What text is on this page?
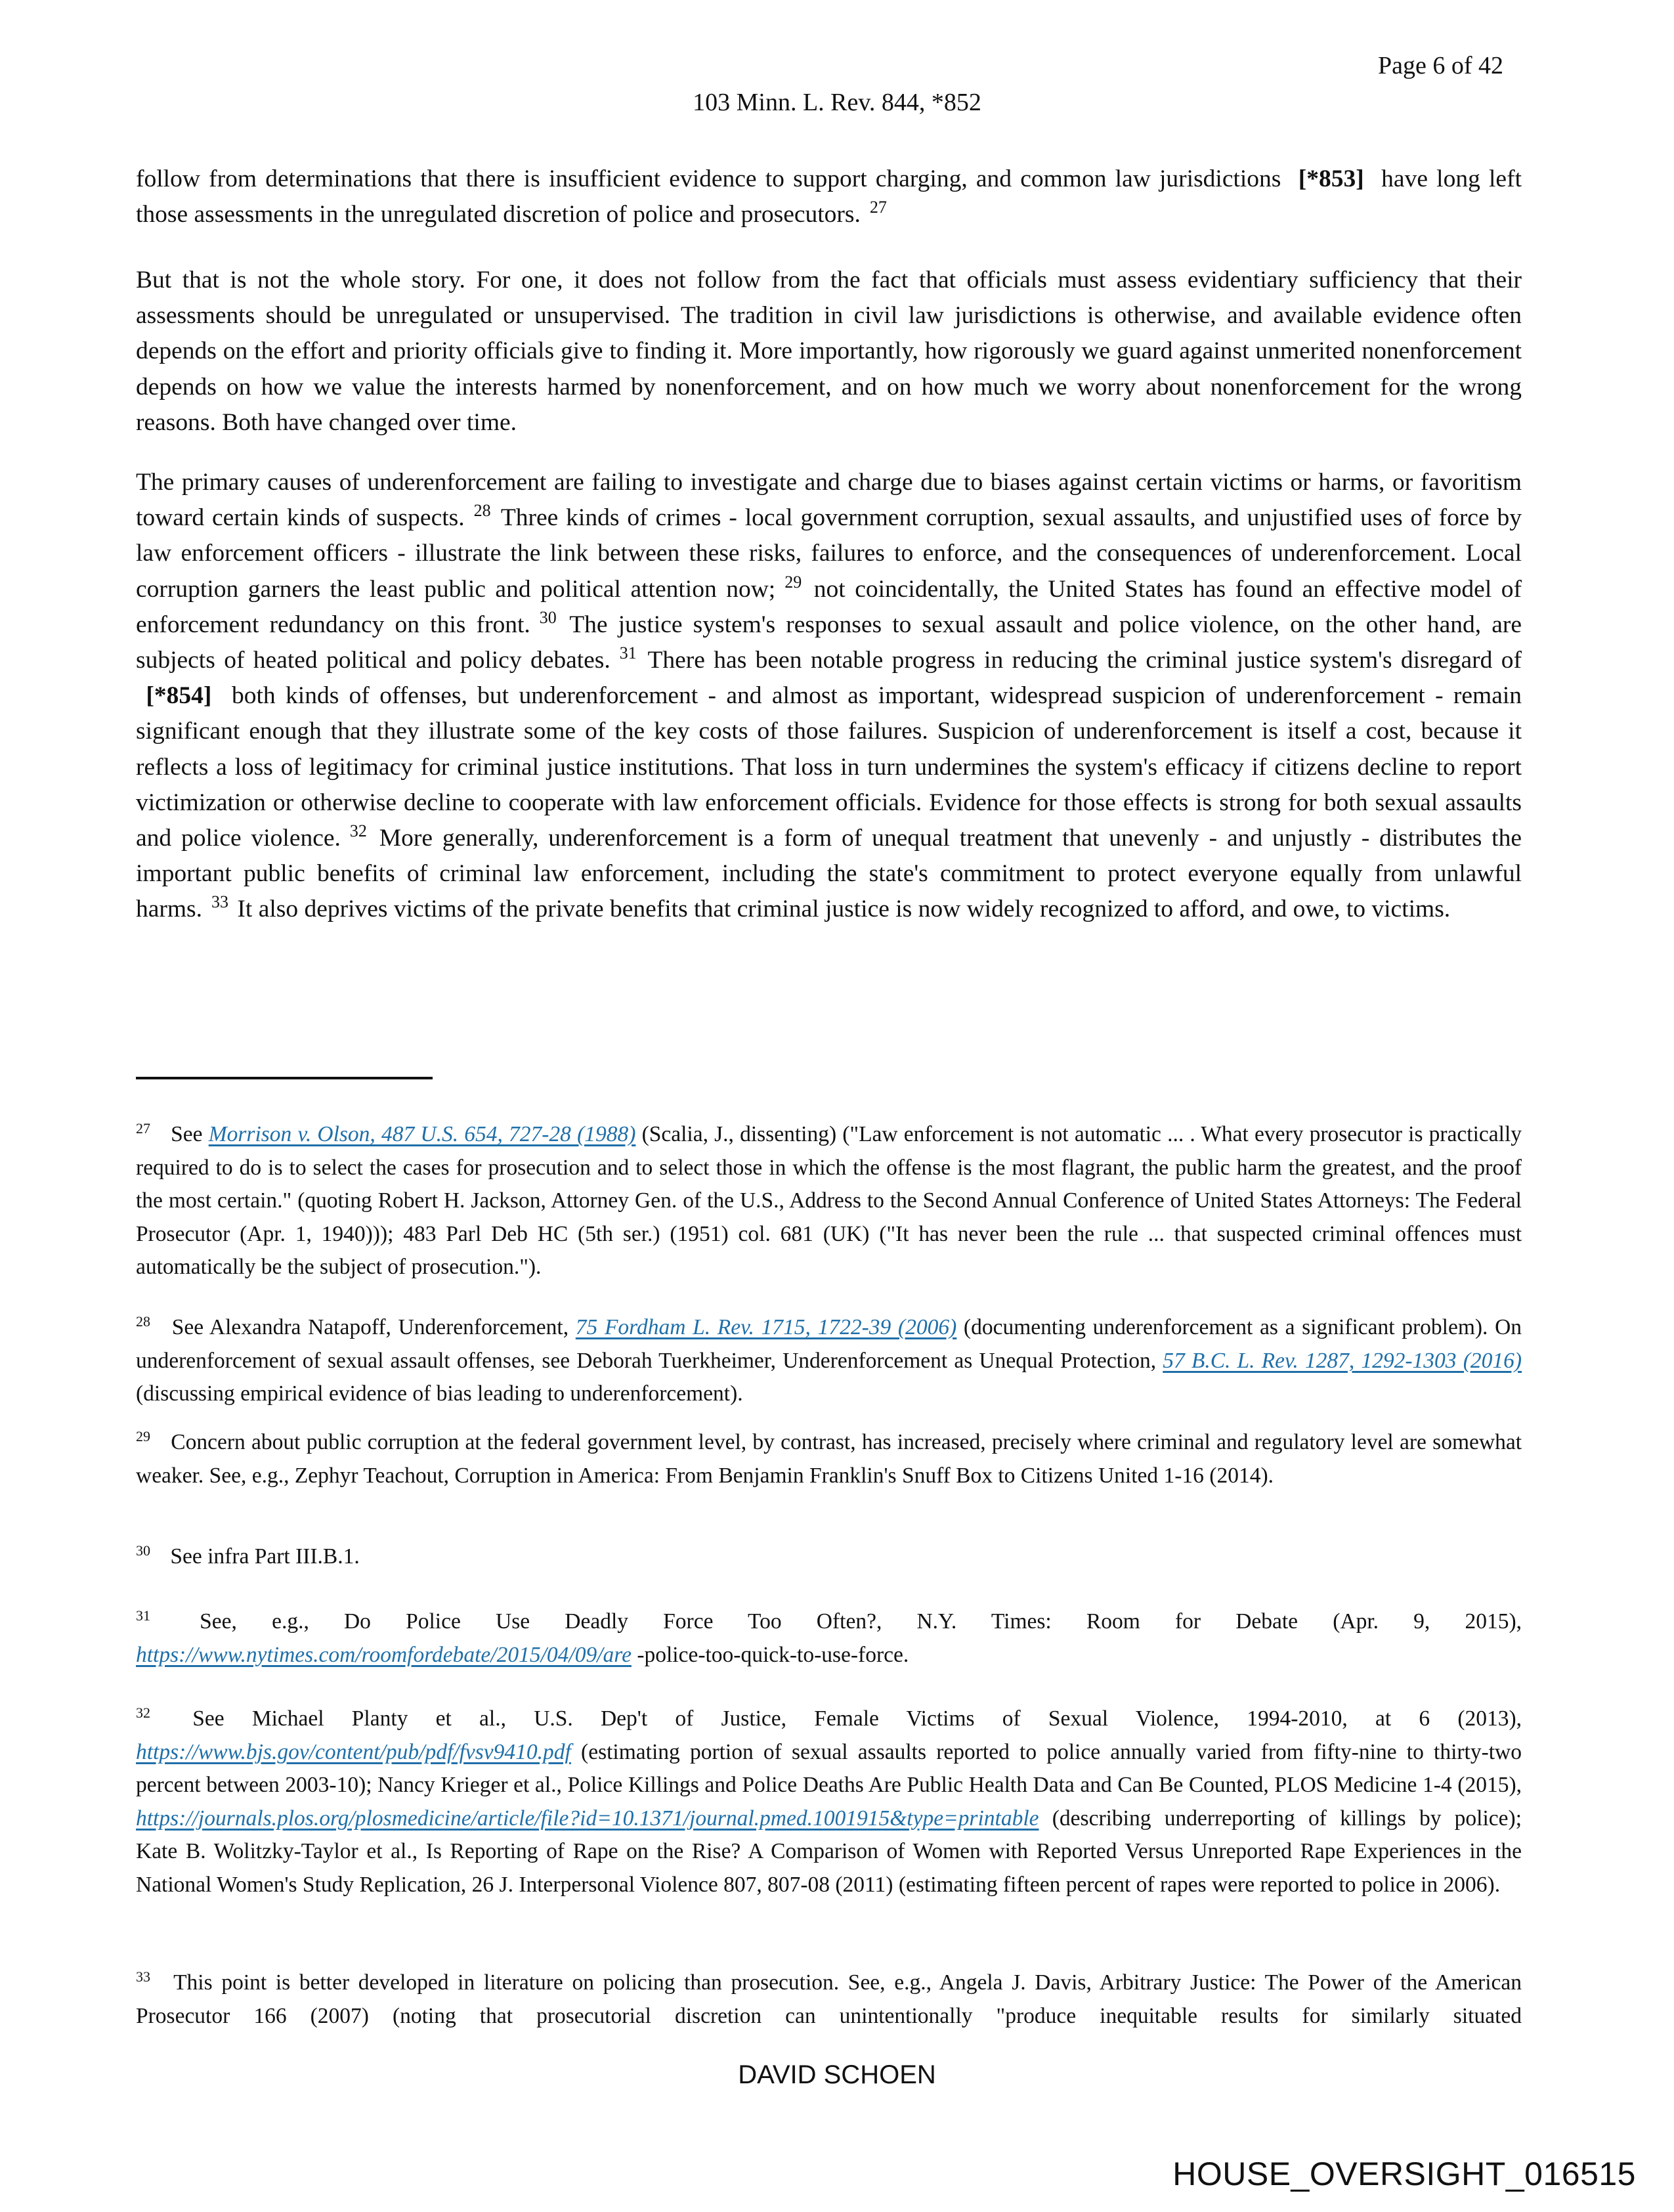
Page 6 of 42
103 Minn. L. Rev. 844, *852

follow from determinations that there is insufficient evidence to support charging, and common law jurisdictions [*853] have long left those assessments in the unregulated discretion of police and prosecutors. $^{27}$

But that is not the whole story. For one, it does not follow from the fact that officials must assess evidentiary sufficiency that their assessments should be unregulated or unsupervised. The tradition in civil law jurisdictions is otherwise, and available evidence often depends on the effort and priority officials give to finding it. More importantly, how rigorously we guard against unmerited nonenforcement depends on how we value the interests harmed by nonenforcement, and on how much we worry about nonenforcement for the wrong reasons. Both have changed over time.

The primary causes of underenforcement are failing to investigate and charge due to biases against certain victims or harms, or favoritism toward certain kinds of suspects. $^{28}$ Three kinds of crimes - local government corruption, sexual assaults, and unjustified uses of force by law enforcement officers - illustrate the link between these risks, failures to enforce, and the consequences of underenforcement. Local corruption garners the least public and political attention now; $^{29}$ not coincidentally, the United States has found an effective model of enforcement redundancy on this front. $^{30}$ The justice system's responses to sexual assault and police violence, on the other hand, are subjects of heated political and policy debates. $^{31}$ There has been notable progress in reducing the criminal justice system's disregard of  [*854] both kinds of offenses, but underenforcement - and almost as important, widespread suspicion of underenforcement - remain significant enough that they illustrate some of the key costs of those failures. Suspicion of underenforcement is itself a cost, because it reflects a loss of legitimacy for criminal justice institutions. That loss in turn undermines the system's efficacy if citizens decline to report victimization or otherwise decline to cooperate with law enforcement officials. Evidence for those effects is strong for both sexual assaults and police violence. $^{32}$ More generally, underenforcement is a form of unequal treatment that unevenly - and unjustly - distributes the important public benefits of criminal law enforcement, including the state's commitment to protect everyone equally from unlawful harms. $^{33}$ It also deprives victims of the private benefits that criminal justice is now widely recognized to afford, and owe, to victims.

$^{27}$ See Morrison v. Olson, 487 U.S. 654, 727-28 (1988) (Scalia, J., dissenting) ("Law enforcement is not automatic ... . What every prosecutor is practically required to do is to select the cases for prosecution and to select those in which the offense is the most flagrant, the public harm the greatest, and the proof the most certain." (quoting Robert H. Jackson, Attorney Gen. of the U.S., Address to the Second Annual Conference of United States Attorneys: The Federal Prosecutor (Apr. 1, 1940))); 483 Parl Deb HC (5th ser.) (1951) col. 681 (UK) ("It has never been the rule ... that suspected criminal offences must automatically be the subject of prosecution.").

$^{28}$ See Alexandra Natapoff, Underenforcement, 75 Fordham L. Rev. 1715, 1722-39 (2006) (documenting underenforcement as a significant problem). On underenforcement of sexual assault offenses, see Deborah Tuerkheimer, Underenforcement as Unequal Protection, 57 B.C. L. Rev. 1287, 1292-1303 (2016) (discussing empirical evidence of bias leading to underenforcement).

$^{29}$ Concern about public corruption at the federal government level, by contrast, has increased, precisely where criminal and regulatory level are somewhat weaker. See, e.g., Zephyr Teachout, Corruption in America: From Benjamin Franklin's Snuff Box to Citizens United 1-16 (2014).

$^{30}$ See infra Part III.B.1.

$^{31}$ See, e.g., Do Police Use Deadly Force Too Often?, N.Y. Times: Room for Debate (Apr. 9, 2015), https://www.nytimes.com/roomfordebate/2015/04/09/are -police-too-quick-to-use-force.

$^{32}$ See Michael Planty et al., U.S. Dep't of Justice, Female Victims of Sexual Violence, 1994-2010, at 6 (2013), https://www.bjs.gov/content/pub/pdf/fvsv9410.pdf (estimating portion of sexual assaults reported to police annually varied from fifty-nine to thirty-two percent between 2003-10); Nancy Krieger et al., Police Killings and Police Deaths Are Public Health Data and Can Be Counted, PLOS Medicine 1-4 (2015), https://journals.plos.org/plosmedicine/article/file?id=10.1371/journal.pmed.1001915&type=printable (describing underreporting of killings by police); Kate B. Wolitzky-Taylor et al., Is Reporting of Rape on the Rise? A Comparison of Women with Reported Versus Unreported Rape Experiences in the National Women's Study Replication, 26 J. Interpersonal Violence 807, 807-08 (2011) (estimating fifteen percent of rapes were reported to police in 2006).

$^{33}$ This point is better developed in literature on policing than prosecution. See, e.g., Angela J. Davis, Arbitrary Justice: The Power of the American Prosecutor 166 (2007) (noting that prosecutorial discretion can unintentionally "produce inequitable results for similarly situated

DAVID SCHOEN
HOUSE_OVERSIGHT_016515
